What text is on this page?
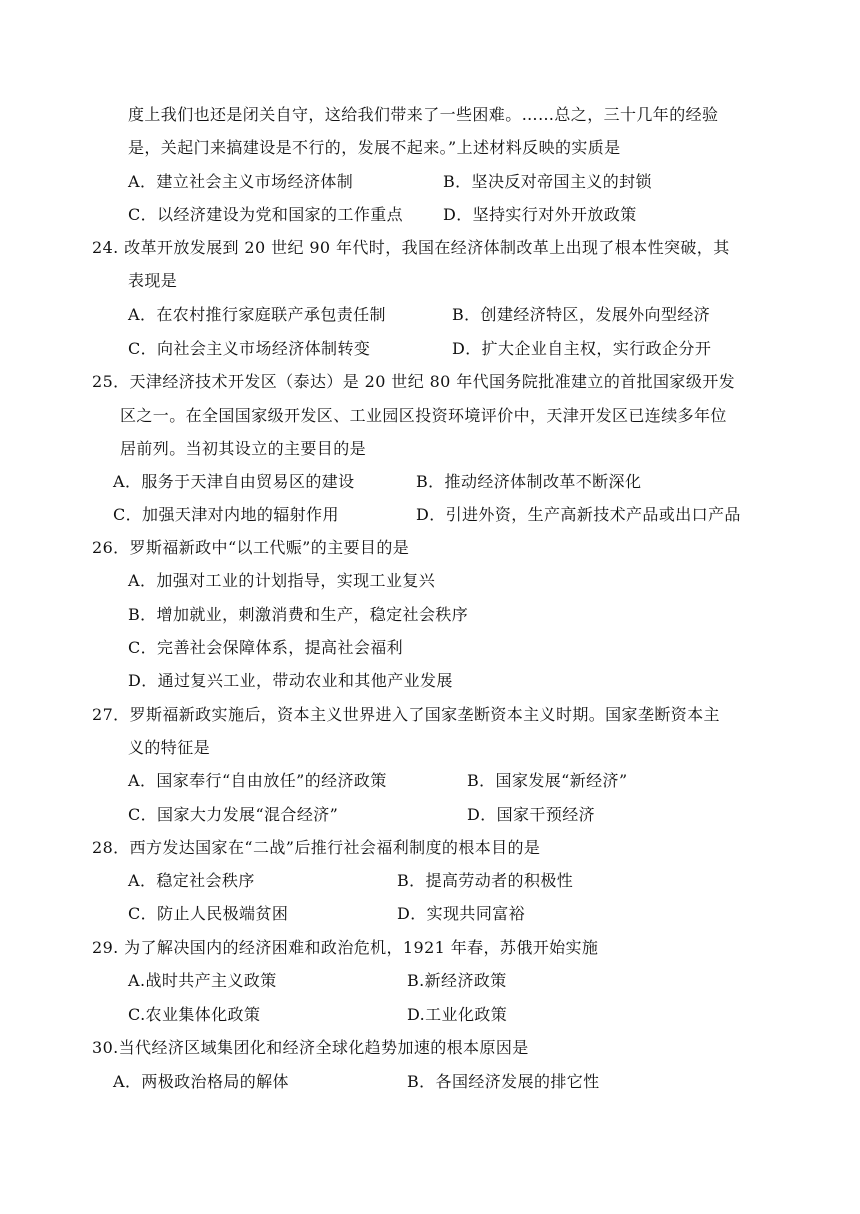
度上我们也还是闭关自守，这给我们带来了一些困难。……总之，三十几年的经验
是，关起门来搞建设是不行的，发展不起来。”上述材料反映的实质是
A．建立社会主义市场经济体制	B．坚决反对帝国主义的封锁
C．以经济建设为党和国家的工作重点 D．坚持实行对外开放政策
24. 改革开放发展到 20 世纪 90 年代时，我国在经济体制改革上出现了根本性突破，其
表现是
A．在农村推行家庭联产承包责任制	B．创建经济特区，发展外向型经济
C．向社会主义市场经济体制转变	D．扩大企业自主权，实行政企分开
25．天津经济技术开发区（泰达）是 20 世纪 80 年代国务院批准建立的首批国家级开发
区之一。在全国国家级开发区、工业园区投资环境评价中，天津开发区已连续多年位
居前列。当初其设立的主要目的是
A．服务于天津自由贸易区的建设	B．推动经济体制改革不断深化
C．加强天津对内地的辐射作用	D．引进外资，生产高新技术产品或出口产品
26．罗斯福新政中“以工代赈”的主要目的是
A．加强对工业的计划指导，实现工业复兴
B．增加就业，刺激消费和生产，稳定社会秩序
C．完善社会保障体系，提高社会福利
D．通过复兴工业，带动农业和其他产业发展
27．罗斯福新政实施后，资本主义世界进入了国家垄断资本主义时期。国家垄断资本主
义的特征是
A．国家奉行“自由放任”的经济政策	B．国家发展“新经济”
C．国家大力发展“混合经济”	D．国家干预经济
28．西方发达国家在“二战”后推行社会福利制度的根本目的是
A．稳定社会秩序	B．提高劳动者的积极性
C．防止人民极端贫困	D．实现共同富裕
29. 为了解决国内的经济困难和政治危机，1921 年春，苏俄开始实施
A.战时共产主义政策	B.新经济政策
C.农业集体化政策	D.工业化政策
30.当代经济区域集团化和经济全球化趋势加速的根本原因是
A．两极政治格局的解体	B．各国经济发展的排它性
